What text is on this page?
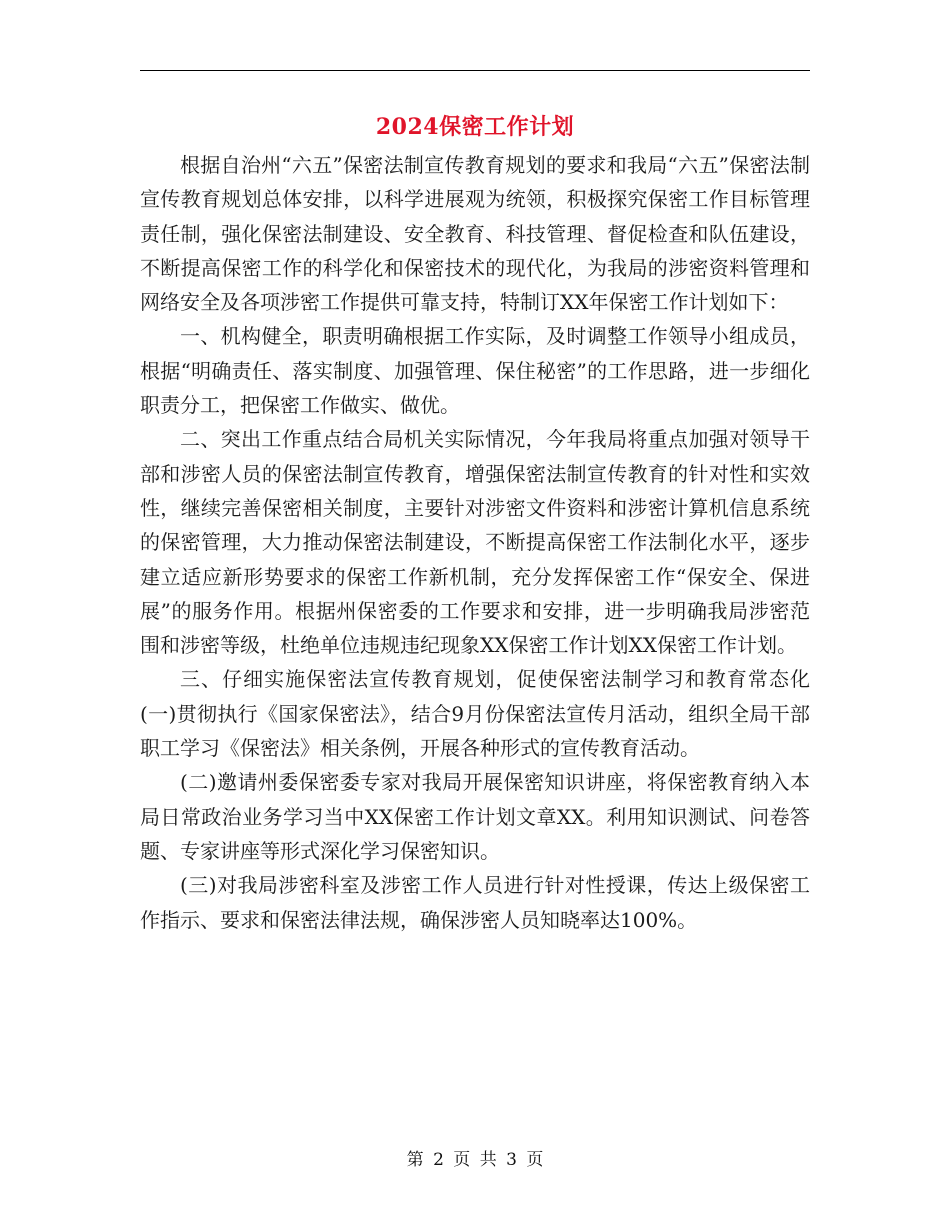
2024保密工作计划

根据自治州“六五”保密法制宣传教育规划的要求和我局“六五”保密法制宣传教育规划总体安排，以科学进展观为统领，积极探究保密工作目标管理责任制，强化保密法制建设、安全教育、科技管理、督促检查和队伍建设，不断提高保密工作的科学化和保密技术的现代化，为我局的涉密资料管理和网络安全及各项涉密工作提供可靠支持，特制订XX年保密工作计划如下：

一、机构健全，职责明确根据工作实际，及时调整工作领导小组成员，根据“明确责任、落实制度、加强管理、保住秘密”的工作思路，进一步细化职责分工，把保密工作做实、做优。

二、突出工作重点结合局机关实际情况，今年我局将重点加强对领导干部和涉密人员的保密法制宣传教育，增强保密法制宣传教育的针对性和实效性，继续完善保密相关制度，主要针对涉密文件资料和涉密计算机信息系统的保密管理，大力推动保密法制建设，不断提高保密工作法制化水平，逐步建立适应新形势要求的保密工作新机制，充分发挥保密工作“保安全、保进展”的服务作用。根据州保密委的工作要求和安排，进一步明确我局涉密范围和涉密等级，杜绝单位违规违纪现象XX保密工作计划XX保密工作计划。

三、仔细实施保密法宣传教育规划，促使保密法制学习和教育常态化(一)贯彻执行《国家保密法》，结合9月份保密法宣传月活动，组织全局干部职工学习《保密法》相关条例，开展各种形式的宣传教育活动。

(二)邀请州委保密委专家对我局开展保密知识讲座，将保密教育纳入本局日常政治业务学习当中XX保密工作计划文章XX。利用知识测试、问卷答题、专家讲座等形式深化学习保密知识。

(三)对我局涉密科室及涉密工作人员进行针对性授课，传达上级保密工作指示、要求和保密法律法规，确保涉密人员知晓率达100%。

第 2 页 共 3 页
